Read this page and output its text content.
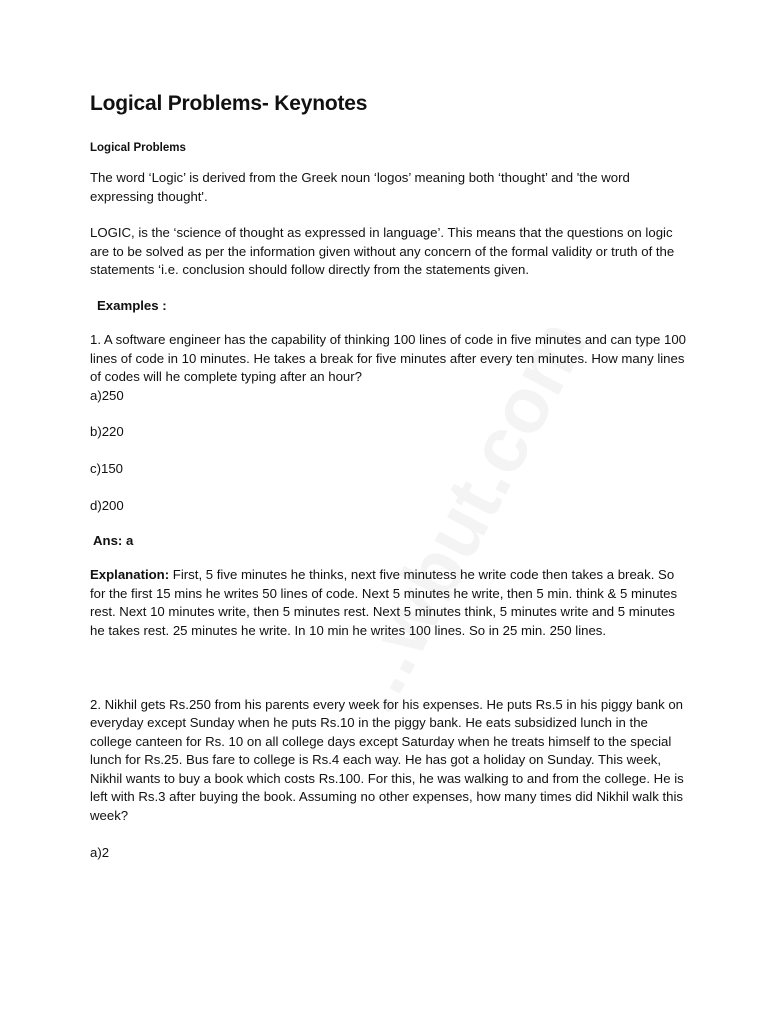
Logical Problems- Keynotes
Logical Problems

The word ‘Logic’ is derived from the Greek noun ‘logos’ meaning both ‘thought’ and 'the word expressing thought'.

LOGIC, is the ‘science of thought as expressed in language’. This means that the questions on logic are to be solved as per the information given without any concern of the formal validity or truth of the statements ‘i.e. conclusion should follow directly from the statements given.

Examples :

1. A software engineer has the capability of thinking 100 lines of code in five minutes and can type 100 lines of code in 10 minutes. He takes a break for five minutes after every ten minutes. How many lines of codes will he complete typing after an hour?

a)250

b)220

c)150

d)200

Ans: a

Explanation: First, 5 five minutes he thinks, next five minutess he write code then takes a break. So for the first 15 mins he writes 50 lines of code. Next 5 minutes he write, then 5 min. think & 5 minutes rest. Next 10 minutes write, then 5 minutes rest. Next 5 minutes think, 5 minutes write and 5 minutes he takes rest. 25 minutes he write. In 10 min he writes 100 lines. So in 25 min. 250 lines.

2. Nikhil gets Rs.250 from his parents every week for his expenses. He puts Rs.5 in his piggy bank on everyday except Sunday when he puts Rs.10 in the piggy bank. He eats subsidized lunch in the college canteen for Rs. 10 on all college days except Saturday when he treats himself to the special lunch for Rs.25. Bus fare to college is Rs.4 each way. He has got a holiday on Sunday. This week, Nikhil wants to buy a book which costs Rs.100. For this, he was walking to and from the college. He is left with Rs.3 after buying the book. Assuming no other expenses, how many times did Nikhil walk this week?

a)2
